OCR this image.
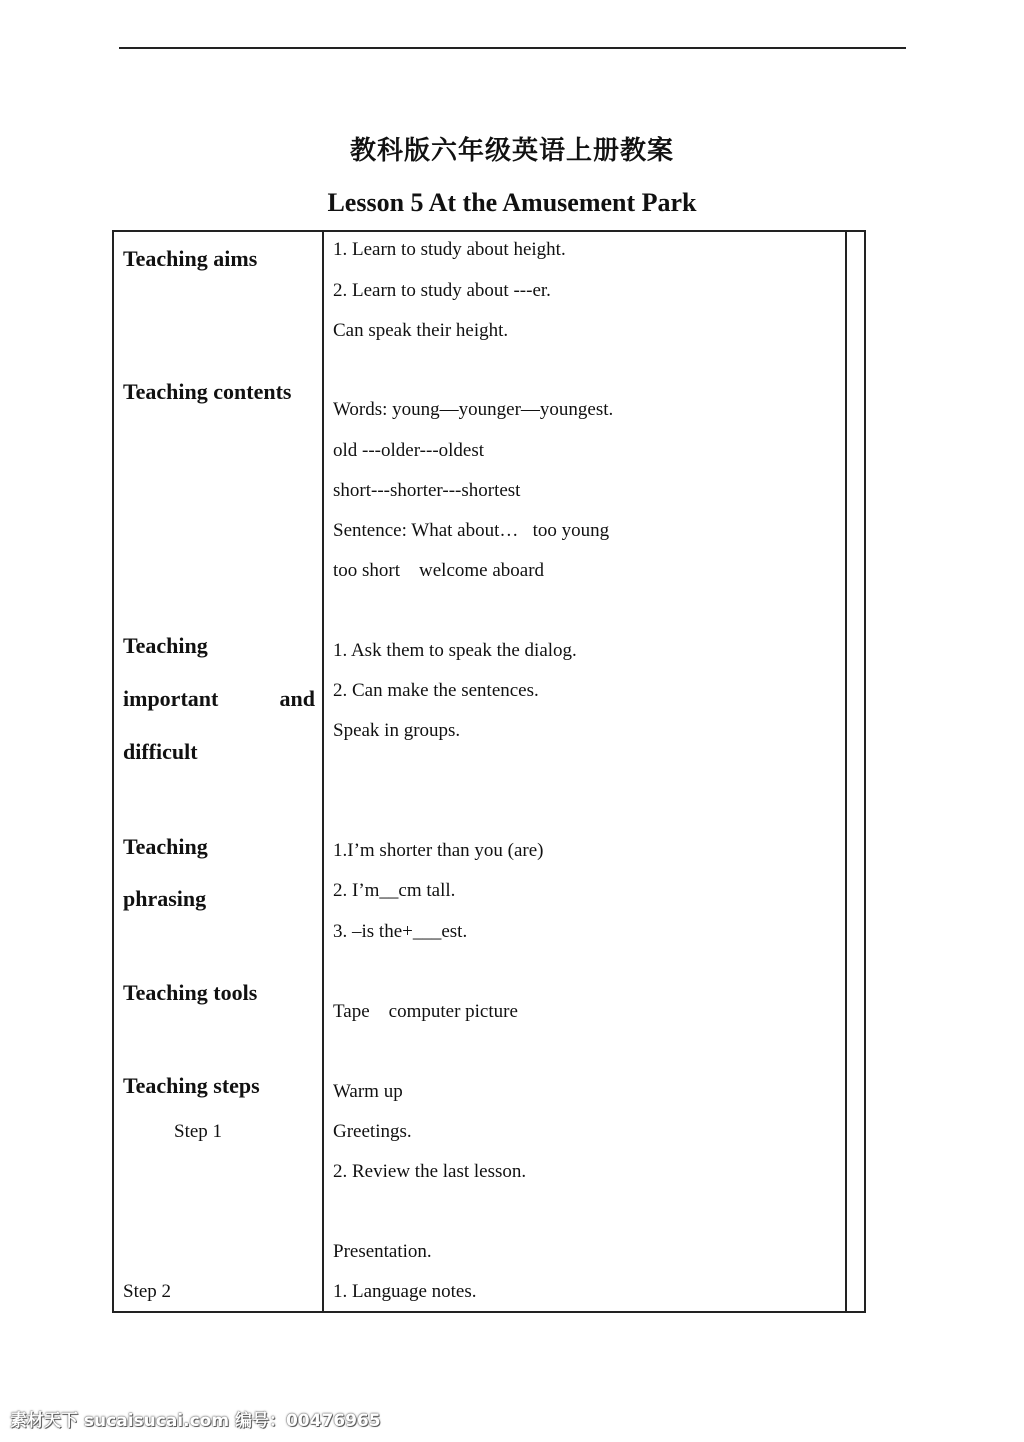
教科版六年级英语上册教案
Lesson 5 At the Amusement Park
Teaching aims
Teaching contents
Teaching
important	and
difficult
Teaching
phrasing
Teaching tools
Teaching steps
Step 1
Step 2
1. Learn to study about height.
2. Learn to study about ---er.
Can speak their height.
Words: young—younger—youngest.
old ---older---oldest
short---shorter---shortest
Sentence: What about…   too young
too short    welcome aboard
1. Ask them to speak the dialog.
2. Can make the sentences.
Speak in groups.
1.I’m shorter than you (are)
2. I’m__cm tall.
3. –is the+___est.
Tape    computer picture
Warm up
Greetings.
2. Review the last lesson.
Presentation.
1. Language notes.
素材天下 sucaisucai.com 编号：00476965
